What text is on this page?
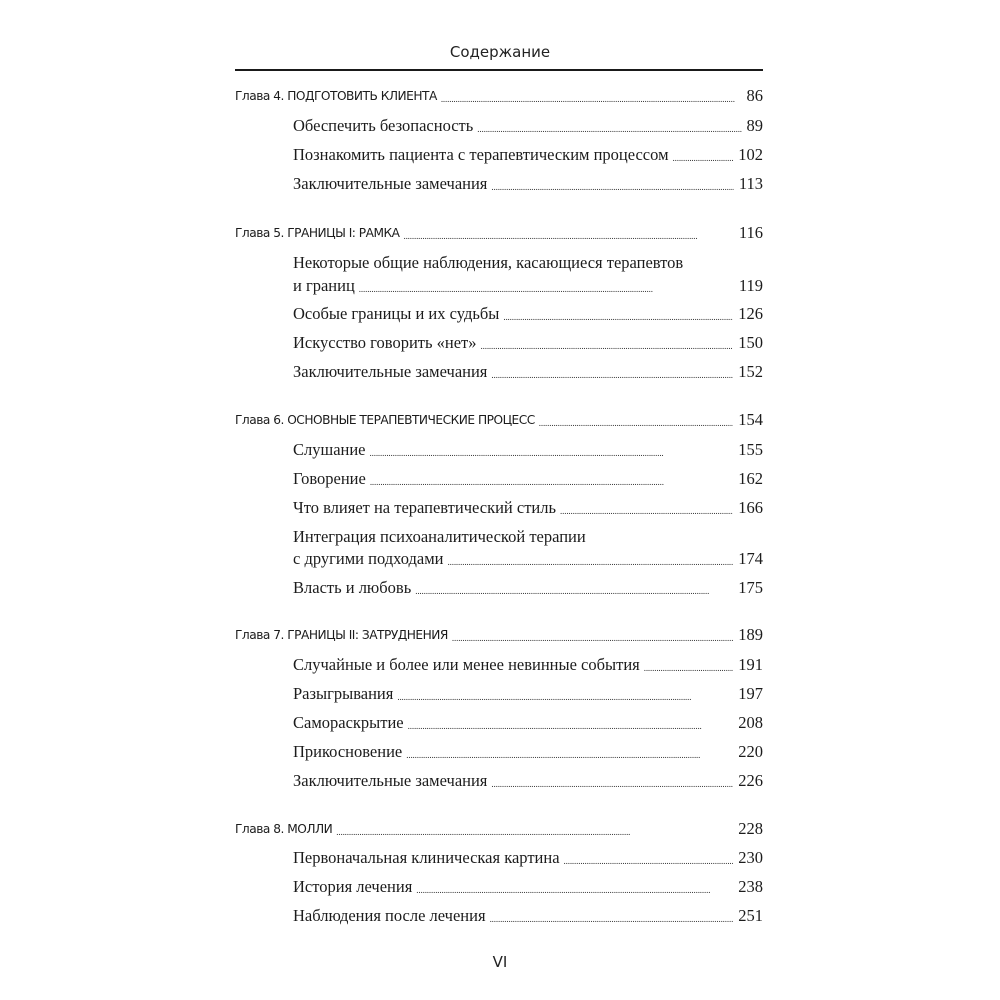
Содержание
Глава 4. ПОДГОТОВИТЬ КЛИЕНТА . . .	86
Обеспечить безопасность . . .	89
Познакомить пациента с терапевтическим процессом . . .	102
Заключительные замечания . . .	113
Глава 5. ГРАНИЦЫ I: РАМКА . . .	116
Некоторые общие наблюдения, касающиеся терапевтов
и границ . . .	119
Особые границы и их судьбы . . .	126
Искусство говорить «нет» . . .	150
Заключительные замечания . . .	152
Глава 6. ОСНОВНЫЕ ТЕРАПЕВТИЧЕСКИЕ ПРОЦЕСС . . .	154
Слушание . . .	155
Говорение . . .	162
Что влияет на терапевтический стиль . . .	166
Интеграция психоаналитической терапии
с другими подходами . . .	174
Власть и любовь . . .	175
Глава 7. ГРАНИЦЫ II: ЗАТРУДНЕНИЯ . . .	189
Случайные и более или менее невинные события . . .	191
Разыгрывания . . .	197
Самораскрытие . . .	208
Прикосновение . . .	220
Заключительные замечания . . .	226
Глава 8. МОЛЛИ . . .	228
Первоначальная клиническая картина . . .	230
История лечения . . .	238
Наблюдения после лечения . . .	251
VI
